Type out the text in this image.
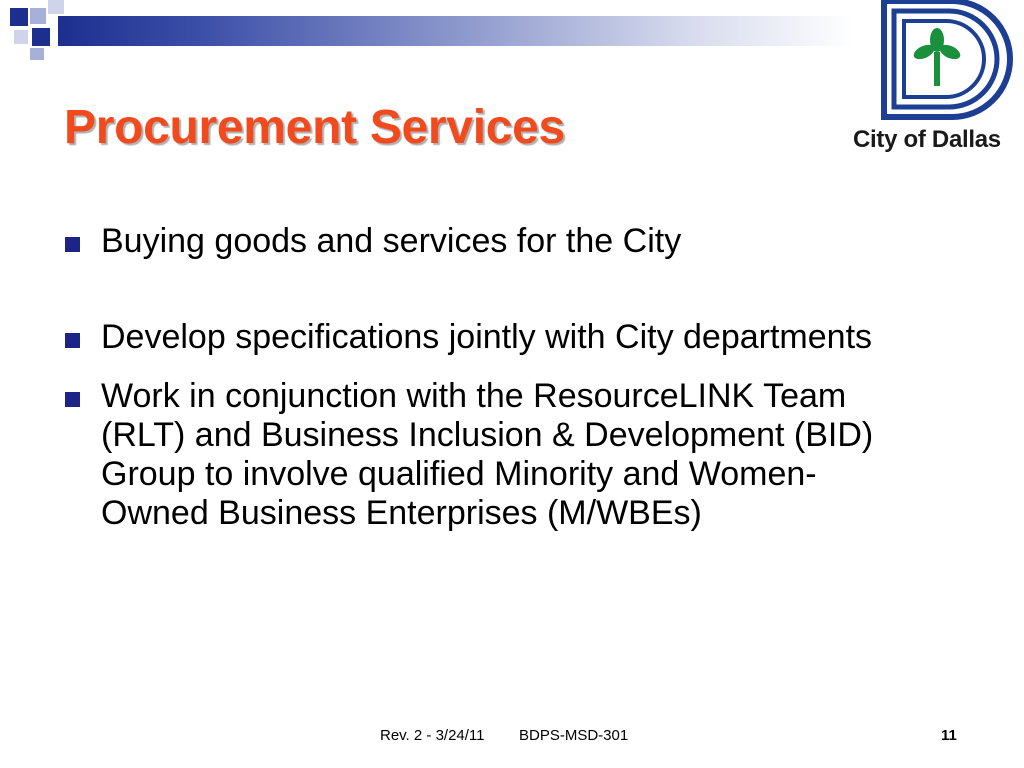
Procurement Services	City of Dallas
Buying goods and services for the City
Develop specifications jointly with City departments
Work in conjunction with the ResourceLINK Team (RLT) and Business Inclusion & Development (BID) Group to involve qualified Minority and Women-Owned Business Enterprises (M/WBEs)
Rev. 2 - 3/24/11 BDPS-MSD-301	11
